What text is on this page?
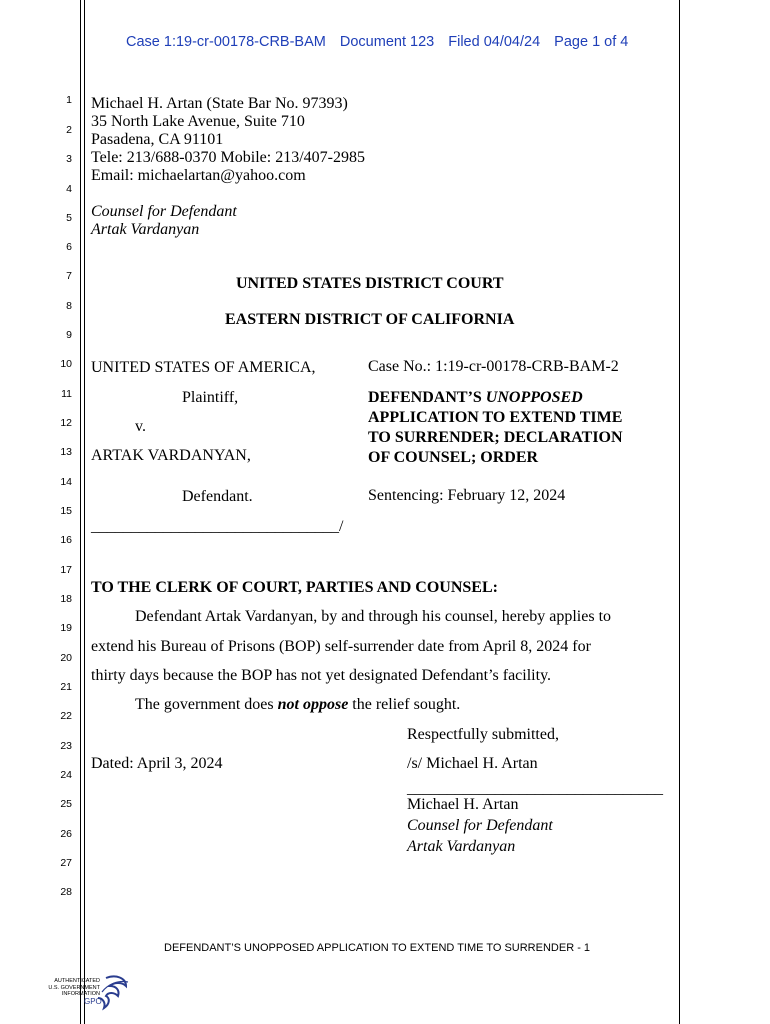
Case 1:19-cr-00178-CRB-BAM Document 123 Filed 04/04/24 Page 1 of 4
1
2
3
4
5
6
7
8
9
10
11
12
13
14
15
16
17
18
19
20
21
22
23
24
25
26
27
28
Michael H. Artan (State Bar No. 97393)
35 North Lake Avenue, Suite 710
Pasadena, CA 91101
Tele: 213/688-0370 Mobile: 213/407-2985
Email: michaelartan@yahoo.com
Counsel for Defendant
Artak Vardanyan
UNITED STATES DISTRICT COURT
EASTERN DISTRICT OF CALIFORNIA
UNITED STATES OF AMERICA,
Plaintiff,
v.
ARTAK VARDANYAN,
Defendant.
_______________________________/
Case No.: 1:19-cr-00178-CRB-BAM-2
DEFENDANT’S UNOPPOSED
APPLICATION TO EXTEND TIME
TO SURRENDER; DECLARATION
OF COUNSEL; ORDER
Sentencing: February 12, 2024
TO THE CLERK OF COURT, PARTIES AND COUNSEL:
Defendant Artak Vardanyan, by and through his counsel, hereby applies to
extend his Bureau of Prisons (BOP) self-surrender date from April 8, 2024 for
thirty days because the BOP has not yet designated Defendant’s facility.
The government does not oppose the relief sought.
Respectfully submitted,
Dated: April 3, 2024	/s/ Michael H. Artan
________________________________
Michael H. Artan
Counsel for Defendant
Artak Vardanyan
DEFENDANT’S UNOPPOSED APPLICATION TO EXTEND TIME TO SURRENDER - 1
AUTHENTICATED
U.S. GOVERNMENT
INFORMATION
GPO
